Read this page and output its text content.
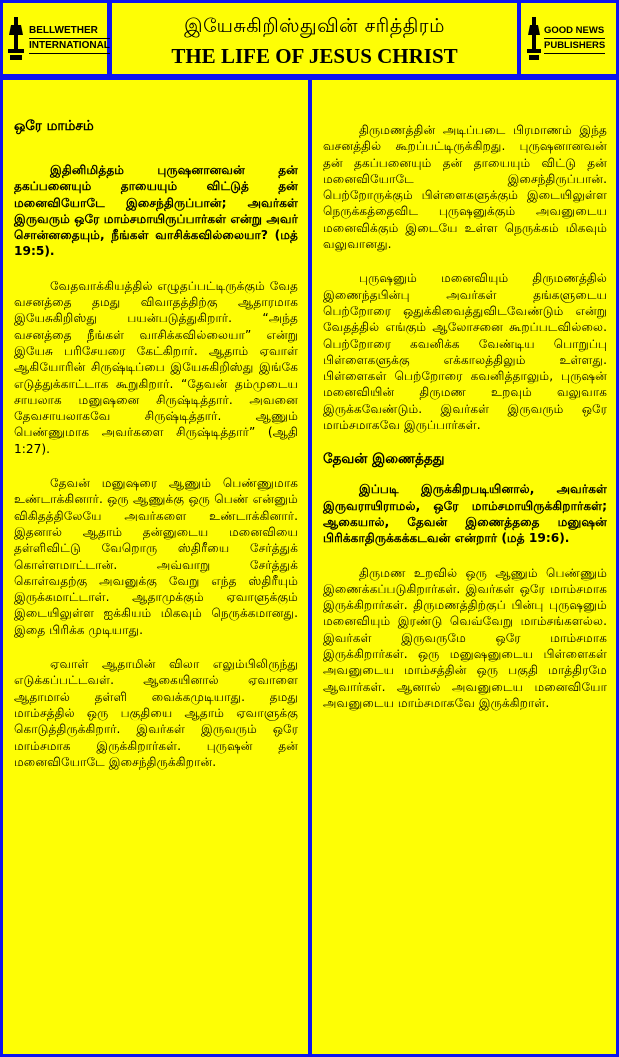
BELLWETHER
INTERNATIONAL
இயேசுகிறிஸ்துவின் சரித்திரம்
THE LIFE OF JESUS CHRIST
GOOD NEWS
PUBLISHERS
ஒரே மாம்சம்

இதினிமித்தம் புருஷனானவன் தன் தகப்பனையும் தாயையும் விட்டுத் தன் மனைவியோடே இசைந்திருப்பான்; அவர்கள் இருவரும் ஒரே மாம்சமாயிருப்பார்கள் என்று அவர் சொன்னதையும், நீங்கள் வாசிக்கவில்லையா? (மத் 19:5).

வேதவாக்கியத்தில் எழுதப்பட்டிருக்கும் வேத வசனத்தை தமது விவாதத்திற்கு ஆதாரமாக இயேசுகிறிஸ்து பயன்படுத்துகிறார். “அந்த வசனத்தை நீங்கள் வாசிக்கவில்லையா” என்று இயேசு பரிசேயரை கேட்கிறார். ஆதாம் ஏவாள் ஆகியோரின் சிருஷ்டிப்பை இயேசுகிறிஸ்து இங்கே எடுத்துக்காட்டாக கூறுகிறார். “தேவன் தம்முடைய சாயலாக மனுஷனை சிருஷ்டித்தார். அவனை தேவசாயலாகவே சிருஷ்டித்தார். ஆணும் பெண்ணுமாக அவர்களை சிருஷ்டித்தார்” (ஆதி 1:27).

தேவன் மனுஷரை ஆணும் பெண்ணுமாக உண்டாக்கினார். ஒரு ஆணுக்கு ஒரு பெண் என்னும் விகிதத்திலேயே அவர்களை உண்டாக்கினார். இதனால் ஆதாம் தன்னுடைய மனைவியை தள்ளிவிட்டு வேறொரு ஸ்திரீயை சேர்த்துக் கொள்ளமாட்டான். அவ்வாறு சேர்த்துக் கொள்வதற்கு அவனுக்கு வேறு எந்த ஸ்திரீயும் இருக்கமாட்டாள். ஆதாமுக்கும் ஏவாளுக்கும் இடையிலுள்ள ஐக்கியம் மிகவும் நெருக்கமானது. இதை பிரிக்க முடியாது.

ஏவாள் ஆதாமின் விலா எலும்பிலிருந்து எடுக்கப்பட்டவள். ஆகையினால் ஏவாளை ஆதாமால் தள்ளி வைக்கமுடியாது. தமது மாம்சத்தில் ஒரு பகுதியை ஆதாம் ஏவாளுக்கு கொடுத்திருக்கிறார். இவர்கள் இருவரும் ஒரே மாம்சமாக இருக்கிறார்கள். புருஷன் தன் மனைவியோடே இசைந்திருக்கிறான்.

திருமணத்தின் அடிப்படை பிரமாணம் இந்த வசனத்தில் கூறப்பட்டிருக்கிறது. புருஷனானவன் தன் தகப்பனையும் தன் தாயையும் விட்டு தன் மனைவியோடே இசைந்திருப்பான். பெற்றோருக்கும் பிள்ளைகளுக்கும் இடையிலுள்ள நெருக்கத்தைவிட புருஷனுக்கும் அவனுடைய மனைவிக்கும் இடையே உள்ள நெருக்கம் மிகவும் வலுவானது.

புருஷனும் மனைவியும் திருமணத்தில் இணைந்தபின்பு அவர்கள் தங்களுடைய பெற்றோரை ஒதுக்கிவைத்துவிடவேண்டும் என்று வேதத்தில் எங்கும் ஆலோசனை கூறப்படவில்லை. பெற்றோரை கவனிக்க வேண்டிய பொறுப்பு பிள்ளைகளுக்கு எக்காலத்திலும் உள்ளது. பிள்ளைகள் பெற்றோரை கவனித்தாலும், புருஷன் மனைவியின் திருமண உறவும் வலுவாக இருக்கவேண்டும். இவர்கள் இருவரும் ஒரே மாம்சமாகவே இருப்பார்கள்.

தேவன் இணைத்தது

இப்படி இருக்கிறபடியினால், அவர்கள் இருவராயிராமல், ஒரே மாம்சமாயிருக்கிறார்கள்; ஆகையால், தேவன் இணைத்ததை மனுஷன் பிரிக்காதிருக்கக்கடவன் என்றார் (மத் 19:6).

திருமண உறவில் ஒரு ஆணும் பெண்ணும் இணைக்கப்படுகிறார்கள். இவர்கள் ஒரே மாம்சமாக இருக்கிறார்கள். திருமணத்திற்குப் பின்பு புருஷனும் மனைவியும் இரண்டு வெவ்வேறு மாம்சங்களல்ல. இவர்கள் இருவருமே ஒரே மாம்சமாக இருக்கிறார்கள். ஒரு மனுஷனுடைய பிள்ளைகள் அவனுடைய மாம்சத்தின் ஒரு பகுதி மாத்திரமே ஆவார்கள். ஆனால் அவனுடைய மனைவியோ அவனுடைய மாம்சமாகவே இருக்கிறாள்.
